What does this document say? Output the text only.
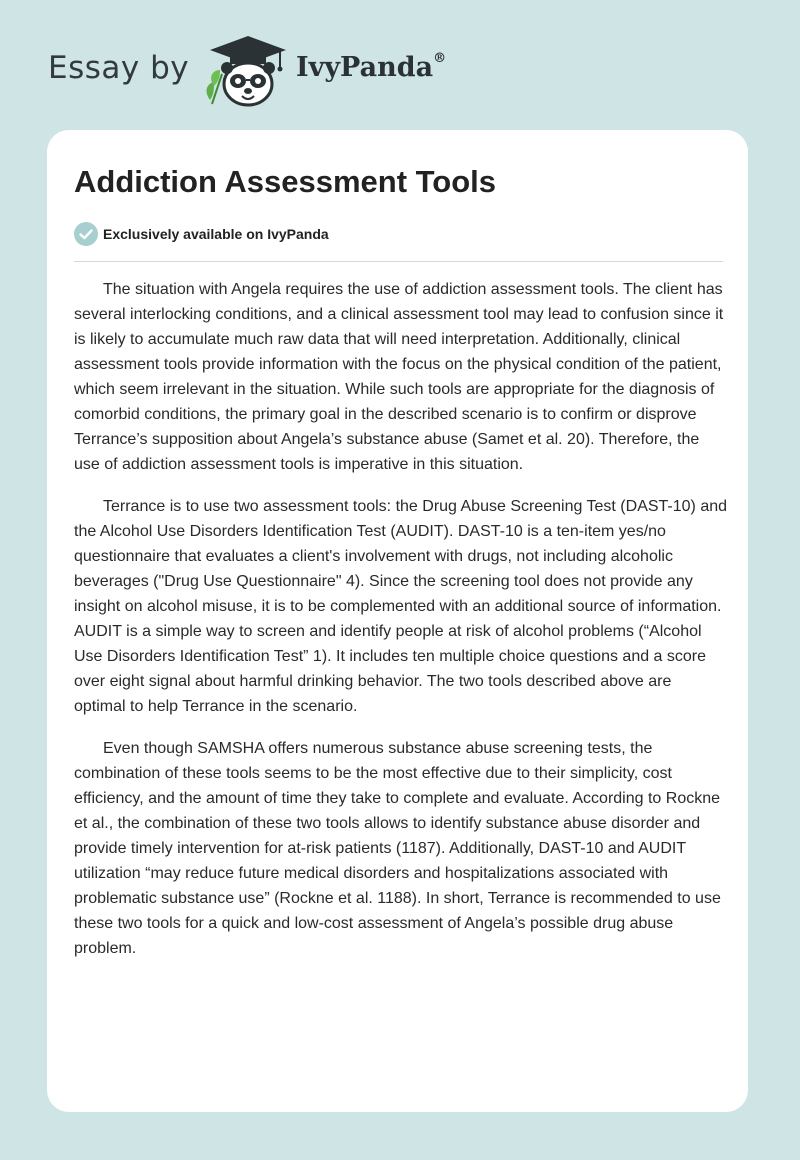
Essay by	IvyPanda®
Addiction Assessment Tools
Exclusively available on IvyPanda

The situation with Angela requires the use of addiction assessment tools. The client has several interlocking conditions, and a clinical assessment tool may lead to confusion since it is likely to accumulate much raw data that will need interpretation. Additionally, clinical assessment tools provide information with the focus on the physical condition of the patient, which seem irrelevant in the situation. While such tools are appropriate for the diagnosis of comorbid conditions, the primary goal in the described scenario is to confirm or disprove Terrance’s supposition about Angela’s substance abuse (Samet et al. 20). Therefore, the use of addiction assessment tools is imperative in this situation.

Terrance is to use two assessment tools: the Drug Abuse Screening Test (DAST-10) and the Alcohol Use Disorders Identification Test (AUDIT). DAST-10 is a ten-item yes/no questionnaire that evaluates a client's involvement with drugs, not including alcoholic beverages ("Drug Use Questionnaire" 4). Since the screening tool does not provide any insight on alcohol misuse, it is to be complemented with an additional source of information. AUDIT is a simple way to screen and identify people at risk of alcohol problems (“Alcohol Use Disorders Identification Test” 1). It includes ten multiple choice questions and a score over eight signal about harmful drinking behavior. The two tools described above are optimal to help Terrance in the scenario.

Even though SAMSHA offers numerous substance abuse screening tests, the combination of these tools seems to be the most effective due to their simplicity, cost efficiency, and the amount of time they take to complete and evaluate. According to Rockne et al., the combination of these two tools allows to identify substance abuse disorder and provide timely intervention for at-risk patients (1187). Additionally, DAST-10 and AUDIT utilization “may reduce future medical disorders and hospitalizations associated with problematic substance use” (Rockne et al. 1188). In short, Terrance is recommended to use these two tools for a quick and low-cost assessment of Angela’s possible drug abuse problem.
